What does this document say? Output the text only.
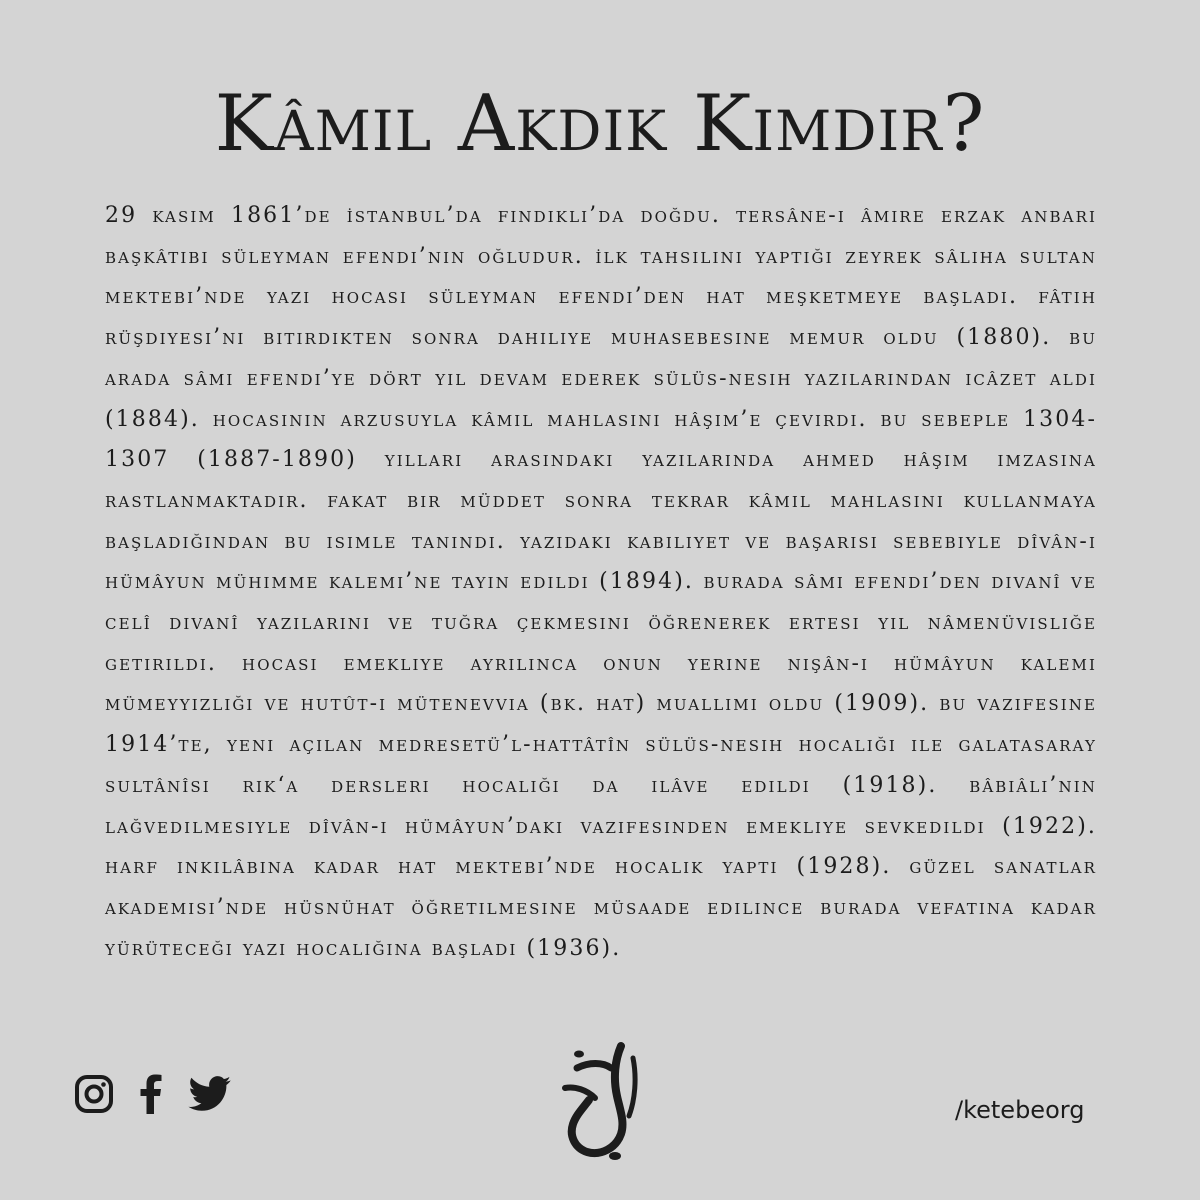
Kâmil Akdik Kimdir?

29 kasım 1861’de i̇stanbul’da fındıklı’da doğdu. tersâne-i âmire erzak anbarı başkâtibi süleyman efendi’nin oğludur. i̇lk tahsilini yaptığı zeyrek sâliha sultan mektebi’nde yazı hocası süleyman efendi’den hat meşketmeye başladı. fâtih rüşdiyesi’ni bitirdikten sonra dahiliye muhasebesine memur oldu (1880). bu arada sâmi efendi’ye dört yıl devam ederek sülüs-nesih yazılarından icâzet aldı (1884). hocasının arzusuyla kâmil mahlasını hâşim’e çevirdi. bu sebeple 1304-1307 (1887-1890) yılları arasındaki yazılarında ahmed hâşim imzasına rastlanmaktadır. fakat bir müddet sonra tekrar kâmil mahlasını kullanmaya başladığından bu isimle tanındı. yazıdaki kabiliyet ve başarısı sebebiyle dîvân-ı hümâyun mühimme kalemi’ne tayin edildi (1894). burada sâmi efendi’den divanî ve celî divanî yazılarını ve tuğra çekmesini öğrenerek ertesi yıl nâmenüvisliğe getirildi. hocası emekliye ayrılınca onun yerine nişân-ı hümâyun kalemi mümeyyizliği ve hutût-ı mütenevvia (bk. hat) muallimi oldu (1909). bu vazifesine 1914’te, yeni açılan medresetü’l-hattâtîn sülüs-nesih hocalığı ile galatasaray sultânîsi rik‘a dersleri hocalığı da ilâve edildi (1918). bâbıâli’nin lağvedilmesiyle dîvân-ı hümâyun’daki vazifesinden emekliye sevkedildi (1922). harf inkılâbına kadar hat mektebi’nde hocalık yaptı (1928). güzel sanatlar akademisi’nde hüsnühat öğretilmesine müsaade edilince burada vefatına kadar yürüteceği yazı hocalığına başladı (1936).

/ketebeorg
